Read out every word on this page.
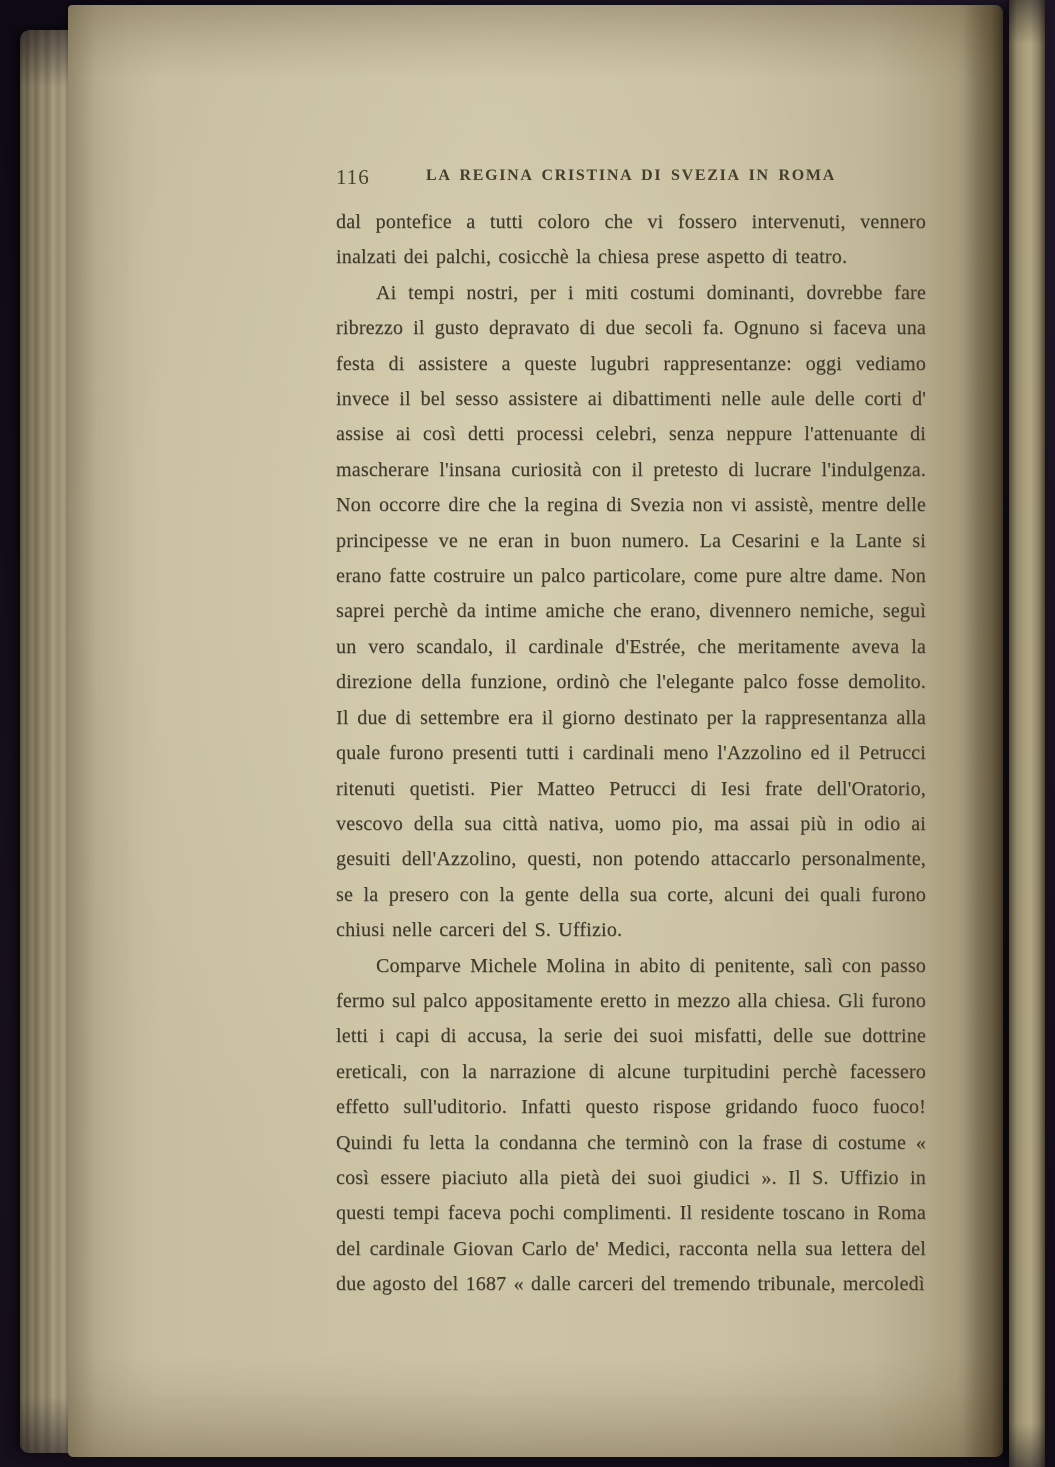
116	LA REGINA CRISTINA DI SVEZIA IN ROMA

dal pontefice a tutti coloro che vi fossero intervenuti, vennero inalzati dei palchi, cosicchè la chiesa prese aspetto di teatro.

Ai tempi nostri, per i miti costumi dominanti, dovrebbe fare ribrezzo il gusto depravato di due secoli fa. Ognuno si faceva una festa di assistere a queste lugubri rappresentanze: oggi vediamo invece il bel sesso assistere ai dibattimenti nelle aule delle corti d' assise ai così detti processi celebri, senza neppure l'attenuante di mascherare l'insana curiosità con il pretesto di lucrare l'indulgenza. Non occorre dire che la regina di Svezia non vi assistè, mentre delle principesse ve ne eran in buon numero. La Cesarini e la Lante si erano fatte costruire un palco particolare, come pure altre dame. Non saprei perchè da intime amiche che erano, divennero nemiche, seguì un vero scandalo, il cardinale d'Estrée, che meritamente aveva la direzione della funzione, ordinò che l'elegante palco fosse demolito. Il due di settembre era il giorno destinato per la rappresentanza alla quale furono presenti tutti i cardinali meno l'Azzolino ed il Petrucci ritenuti quetisti. Pier Matteo Petrucci di Iesi frate dell'Oratorio, vescovo della sua città nativa, uomo pio, ma assai più in odio ai gesuiti dell'Azzolino, questi, non potendo attaccarlo personalmente, se la presero con la gente della sua corte, alcuni dei quali furono chiusi nelle carceri del S. Uffizio.

Comparve Michele Molina in abito di penitente, salì con passo fermo sul palco appositamente eretto in mezzo alla chiesa. Gli furono letti i capi di accusa, la serie dei suoi misfatti, delle sue dottrine ereticali, con la narrazione di alcune turpitudini perchè facessero effetto sull'uditorio. Infatti questo rispose gridando fuoco fuoco! Quindi fu letta la condanna che terminò con la frase di costume « così essere piaciuto alla pietà dei suoi giudici ». Il S. Uffizio in questi tempi faceva pochi complimenti. Il residente toscano in Roma del cardinale Giovan Carlo de' Medici, racconta nella sua lettera del due agosto del 1687 « dalle carceri del tremendo tribunale, mercoledì
